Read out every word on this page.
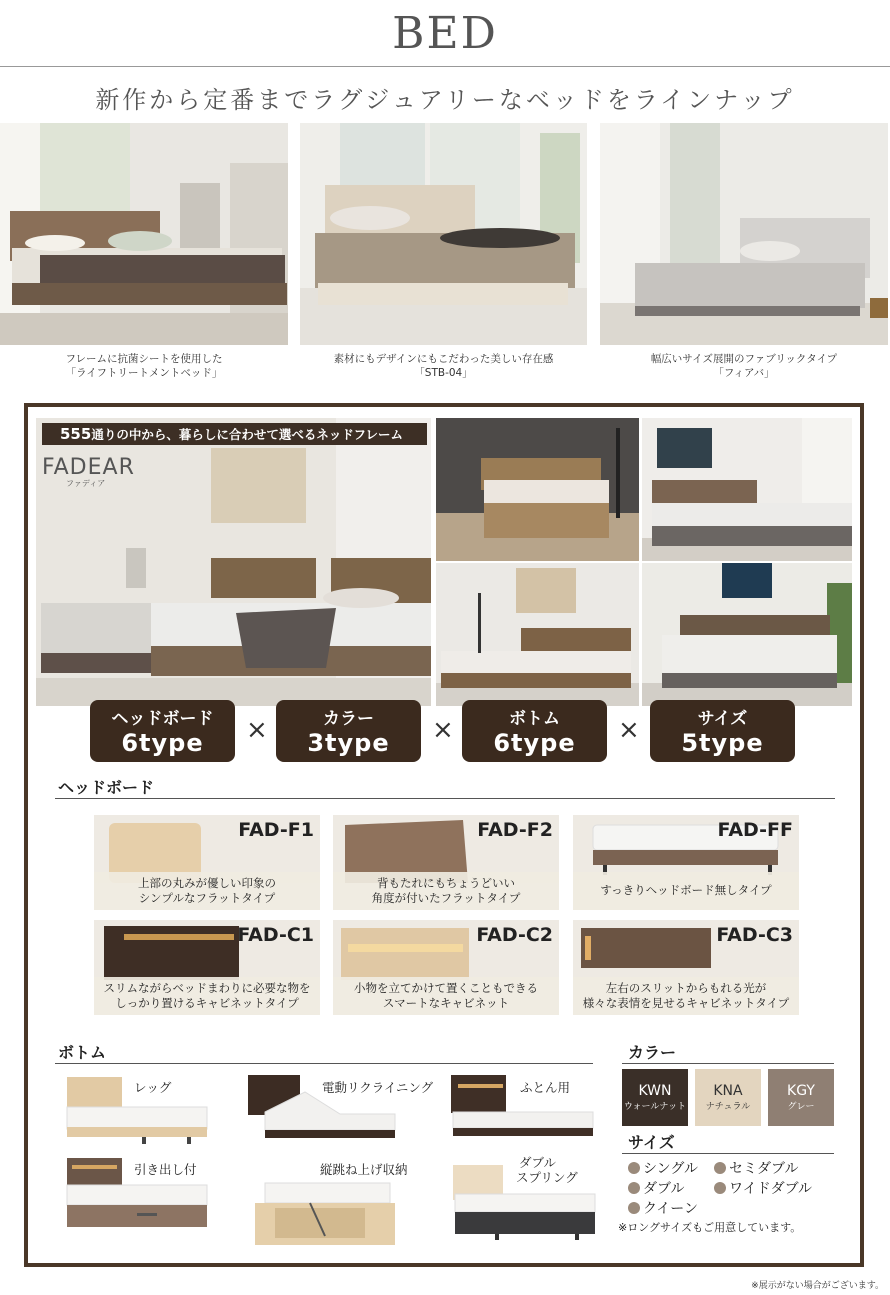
BED
新作から定番までラグジュアリーなベッドをラインナップ
フレームに抗菌シートを使用した
「ライフトリートメントベッド」
素材にもデザインにもこだわった美しい存在感
「STB-04」
幅広いサイズ展開のファブリックタイプ
「フィアバ」
555通りの中から、暮らしに合わせて選べるネッドフレーム
FADEAR
ファディア
ヘッドボード
6type	×	カラー
3type	×	ボトム
6type	×	サイズ
5type
ヘッドボード
FAD-F1
上部の丸みが優しい印象の
シンプルなフラットタイプ
FAD-F2
背もたれにもちょうどいい
角度が付いたフラットタイプ
FAD-FF
すっきりヘッドボード無しタイプ
FAD-C1
スリムながらベッドまわりに必要な物を
しっかり置けるキャビネットタイプ
FAD-C2
小物を立てかけて置くこともできる
スマートなキャビネット
FAD-C3
左右のスリットからもれる光が
様々な表情を見せるキャビネットタイプ
ボトム
レッグ	電動リクライニング	ふとん用
引き出し付	縦跳ね上げ収納	ダブル
スプリング
カラー
KWN
ウォールナット
KNA
ナチュラル
KGY
グレー
サイズ
シングル	セミダブル
ダブル	ワイドダブル
クイーン
※ロングサイズもご用意しています。
※展示がない場合がございます。
